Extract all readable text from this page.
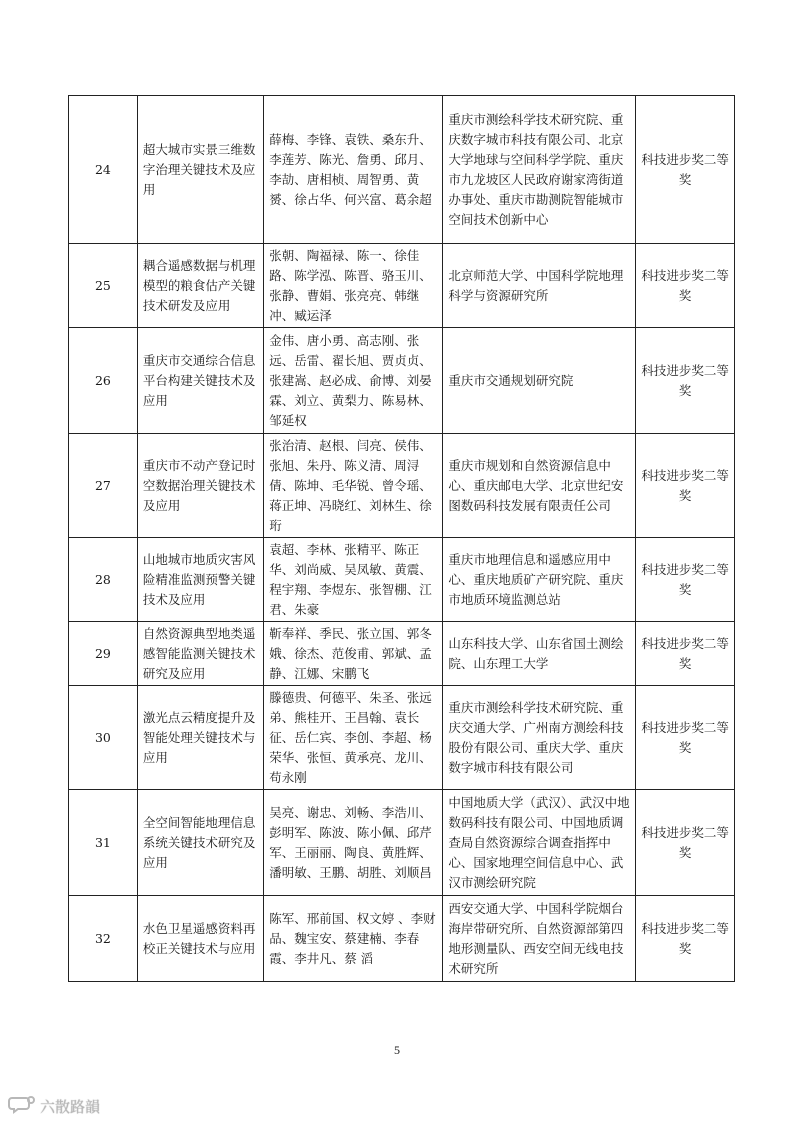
24	超大城市实景三维数字治理关键技术及应用	薛梅、李锋、袁铁、桑东升、李莲芳、陈光、詹勇、邱月、李劼、唐相桢、周智勇、黄赟、徐占华、何兴富、葛余超	重庆市测绘科学技术研究院、重庆数字城市科技有限公司、北京大学地球与空间科学学院、重庆市九龙坡区人民政府谢家湾街道办事处、重庆市勘测院智能城市空间技术创新中心	科技进步奖二等奖
25	耦合遥感数据与机理模型的粮食估产关键技术研发及应用	张朝、陶福禄、陈一、徐佳路、陈学泓、陈晋、骆玉川、张静、曹娟、张亮亮、韩继冲、臧运泽	北京师范大学、中国科学院地理科学与资源研究所	科技进步奖二等奖
26	重庆市交通综合信息平台构建关键技术及应用	金伟、唐小勇、高志刚、张远、岳雷、翟长旭、贾贞贞、张建嵩、赵必成、俞博、刘晏霖、刘立、黄梨力、陈易林、邹延权	重庆市交通规划研究院	科技进步奖二等奖
27	重庆市不动产登记时空数据治理关键技术及应用	张治清、赵根、闫亮、侯伟、张旭、朱丹、陈义清、周浔倩、陈坤、毛华锐、曾令瑶、蒋正坤、冯晓红、刘林生、徐珩	重庆市规划和自然资源信息中心、重庆邮电大学、北京世纪安图数码科技发展有限责任公司	科技进步奖二等奖
28	山地城市地质灾害风险精准监测预警关键技术及应用	袁超、李林、张精平、陈正华、刘尚威、吴凤敏、黄震、程宇翔、李煜东、张智棚、江君、朱豪	重庆市地理信息和遥感应用中心、重庆地质矿产研究院、重庆市地质环境监测总站	科技进步奖二等奖
29	自然资源典型地类遥感智能监测关键技术研究及应用	靳奉祥、季民、张立国、郭冬娥、徐杰、范俊甫、郭斌、孟静、江娜、宋鹏飞	山东科技大学、山东省国土测绘院、山东理工大学	科技进步奖二等奖
30	激光点云精度提升及智能处理关键技术与应用	滕德贵、何德平、朱圣、张远弟、熊桂开、王昌翰、袁长征、岳仁宾、李创、李超、杨荣华、张恒、黄承亮、龙川、苟永刚	重庆市测绘科学技术研究院、重庆交通大学、广州南方测绘科技股份有限公司、重庆大学、重庆数字城市科技有限公司	科技进步奖二等奖
31	全空间智能地理信息系统关键技术研究及应用	吴亮、谢忠、刘畅、李浩川、彭明军、陈波、陈小佩、邱芹军、王丽丽、陶良、黄胜辉、潘明敏、王鹏、胡胜、刘顺昌	中国地质大学（武汉）、武汉中地数码科技有限公司、中国地质调查局自然资源综合调查指挥中心、国家地理空间信息中心、武汉市测绘研究院	科技进步奖二等奖
32	水色卫星遥感资料再校正关键技术与应用	陈军、邢前国、权文婷 、李财品、魏宝安、蔡建楠、李春霞、李井凡、蔡 滔	西安交通大学、中国科学院烟台海岸带研究所、自然资源部第四地形测量队、西安空间无线电技术研究所	科技进步奖二等奖
5
六散路韻
